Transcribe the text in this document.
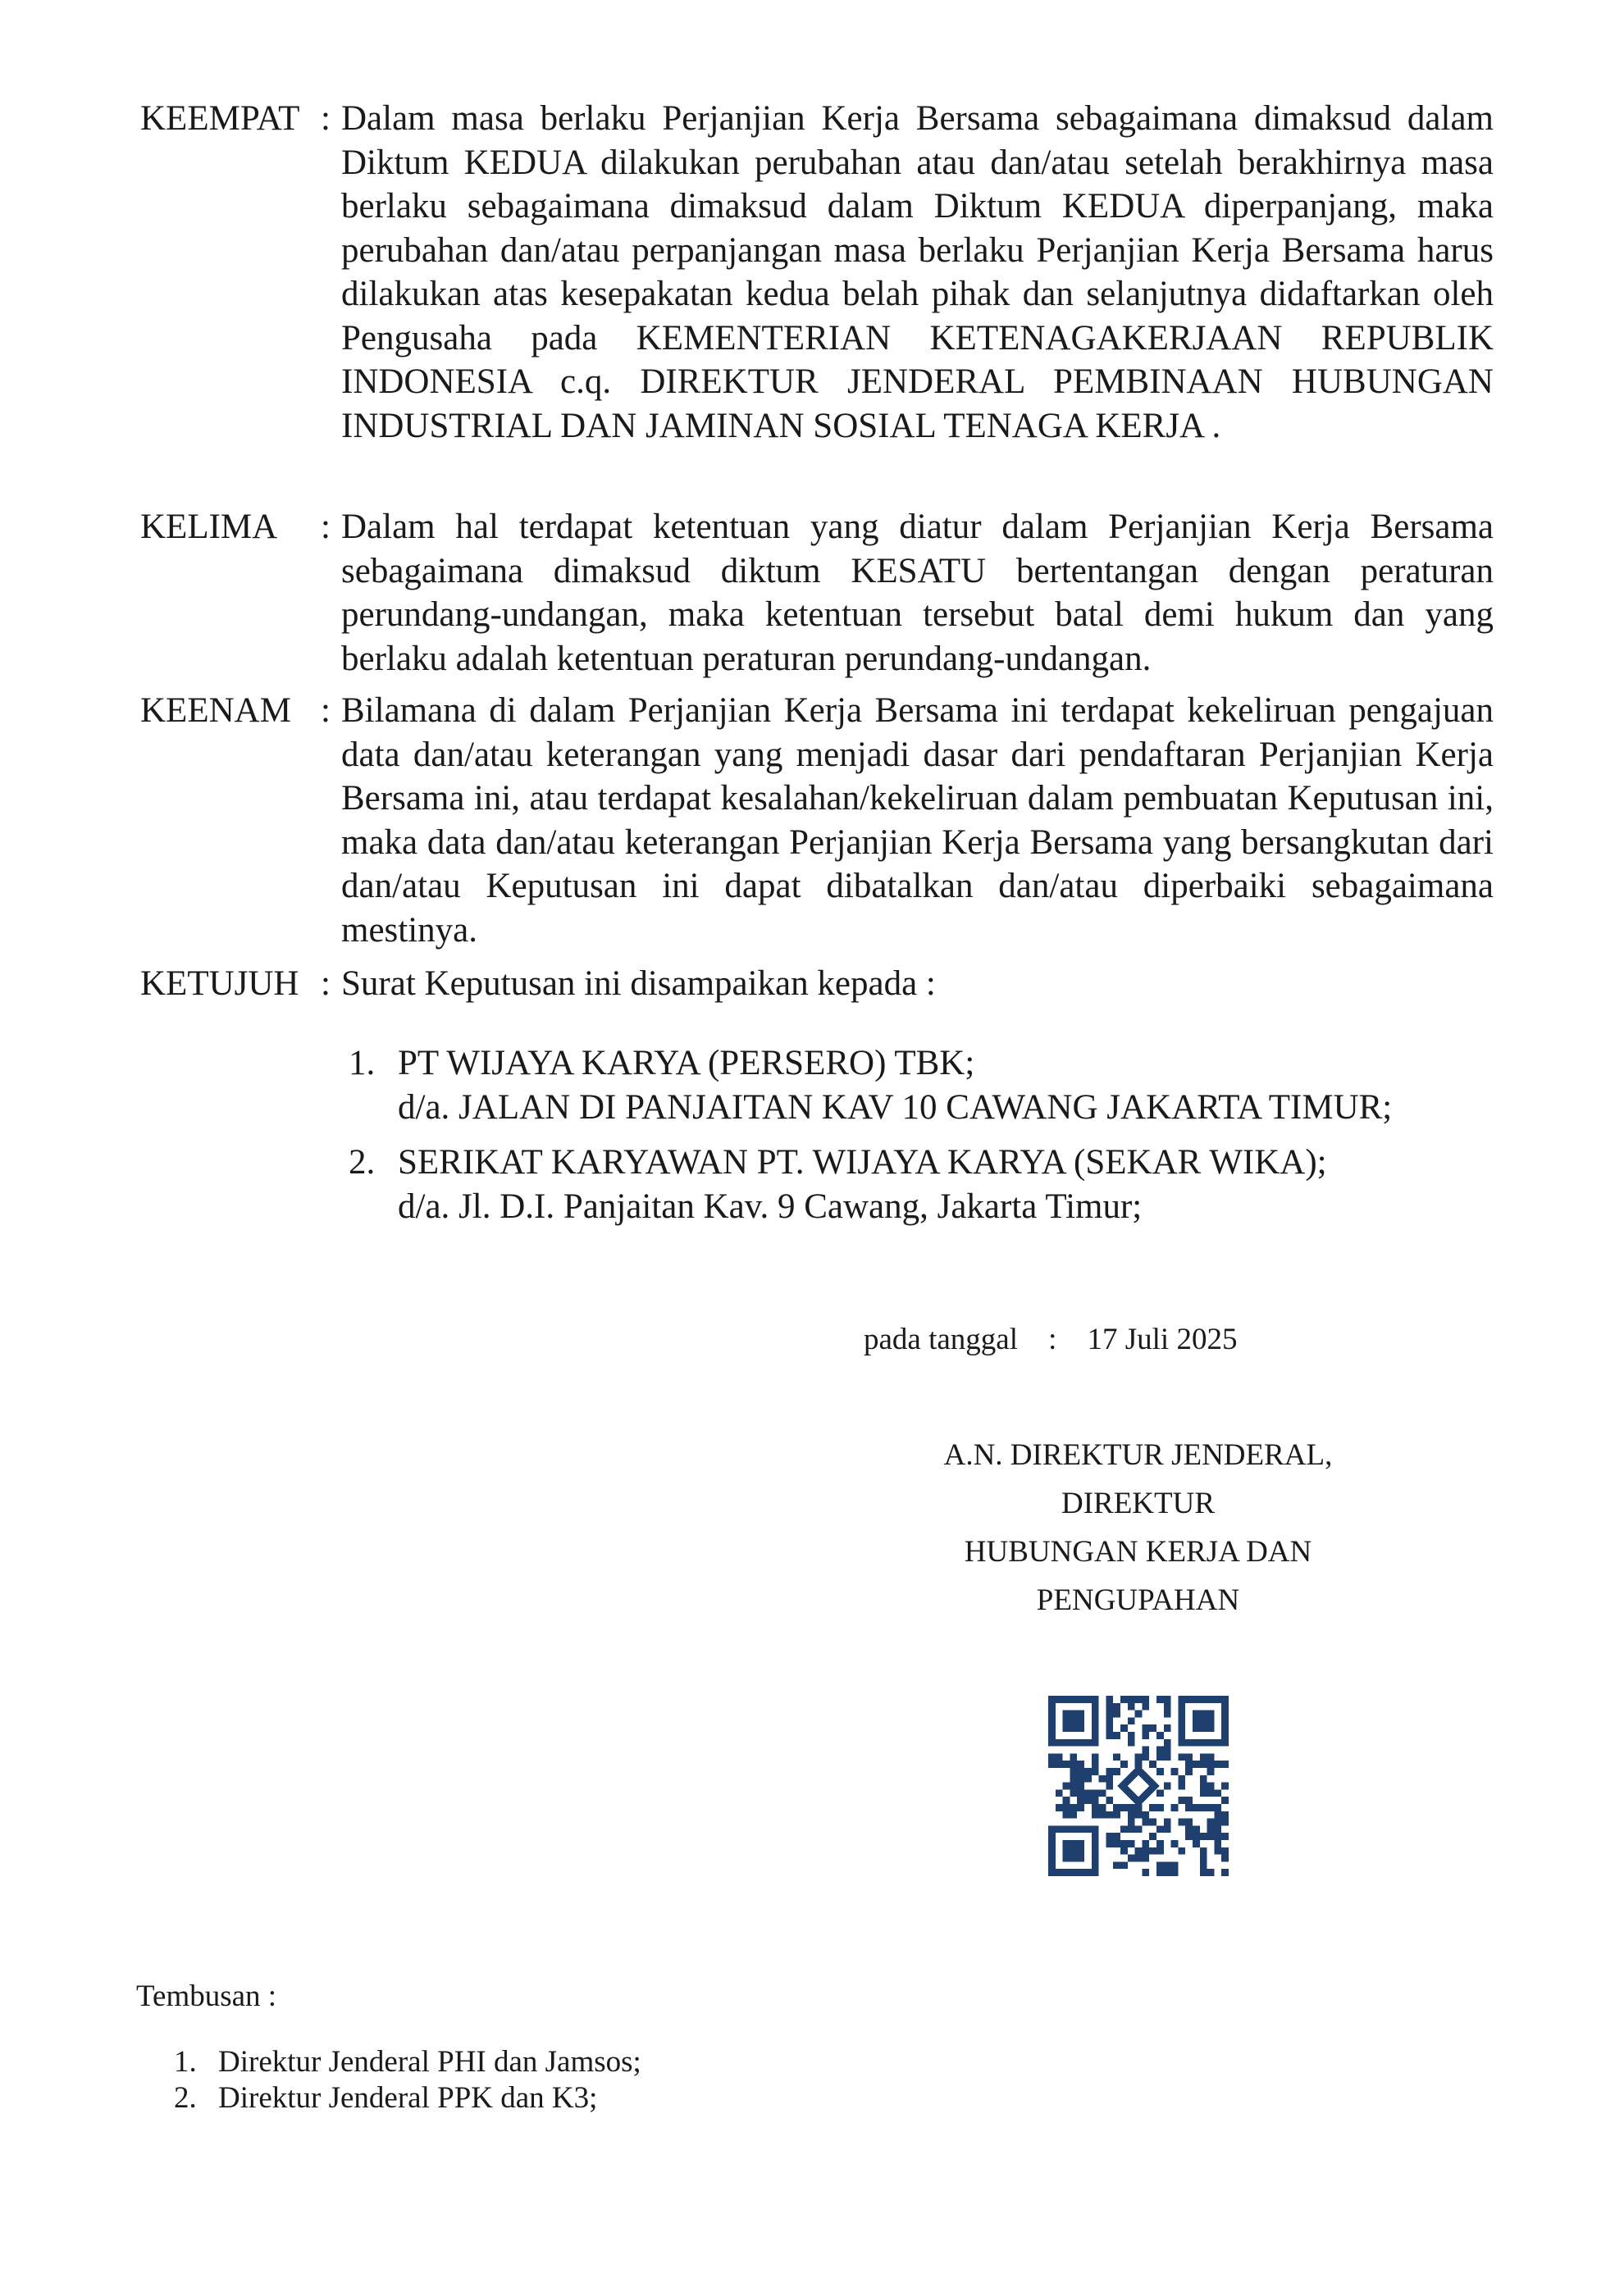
KEEMPAT : Dalam masa berlaku Perjanjian Kerja Bersama sebagaimana dimaksud dalam Diktum KEDUA dilakukan perubahan atau dan/atau setelah berakhirnya masa berlaku sebagaimana dimaksud dalam Diktum KEDUA diperpanjang, maka perubahan dan/atau perpanjangan masa berlaku Perjanjian Kerja Bersama harus dilakukan atas kesepakatan kedua belah pihak dan selanjutnya didaftarkan oleh Pengusaha pada KEMENTERIAN KETENAGAKERJAAN REPUBLIK INDONESIA c.q. DIREKTUR JENDERAL PEMBINAAN HUBUNGAN INDUSTRIAL DAN JAMINAN SOSIAL TENAGA KERJA .
KELIMA : Dalam hal terdapat ketentuan yang diatur dalam Perjanjian Kerja Bersama sebagaimana dimaksud diktum KESATU bertentangan dengan peraturan perundang-undangan, maka ketentuan tersebut batal demi hukum dan yang berlaku adalah ketentuan peraturan perundang-undangan.
KEENAM : Bilamana di dalam Perjanjian Kerja Bersama ini terdapat kekeliruan pengajuan data dan/atau keterangan yang menjadi dasar dari pendaftaran Perjanjian Kerja Bersama ini, atau terdapat kesalahan/kekeliruan dalam pembuatan Keputusan ini, maka data dan/atau keterangan Perjanjian Kerja Bersama yang bersangkutan dari dan/atau Keputusan ini dapat dibatalkan dan/atau diperbaiki sebagaimana mestinya.
KETUJUH : Surat Keputusan ini disampaikan kepada :
1. PT WIJAYA KARYA (PERSERO) TBK;
d/a. JALAN DI PANJAITAN KAV 10 CAWANG JAKARTA TIMUR;
2. SERIKAT KARYAWAN PT. WIJAYA KARYA (SEKAR WIKA);
d/a. Jl. D.I. Panjaitan Kav. 9 Cawang, Jakarta Timur;
pada tanggal : 17 Juli 2025
A.N. DIREKTUR JENDERAL,
DIREKTUR
HUBUNGAN KERJA DAN
PENGUPAHAN
Tembusan :
1. Direktur Jenderal PHI dan Jamsos;
2. Direktur Jenderal PPK dan K3;
